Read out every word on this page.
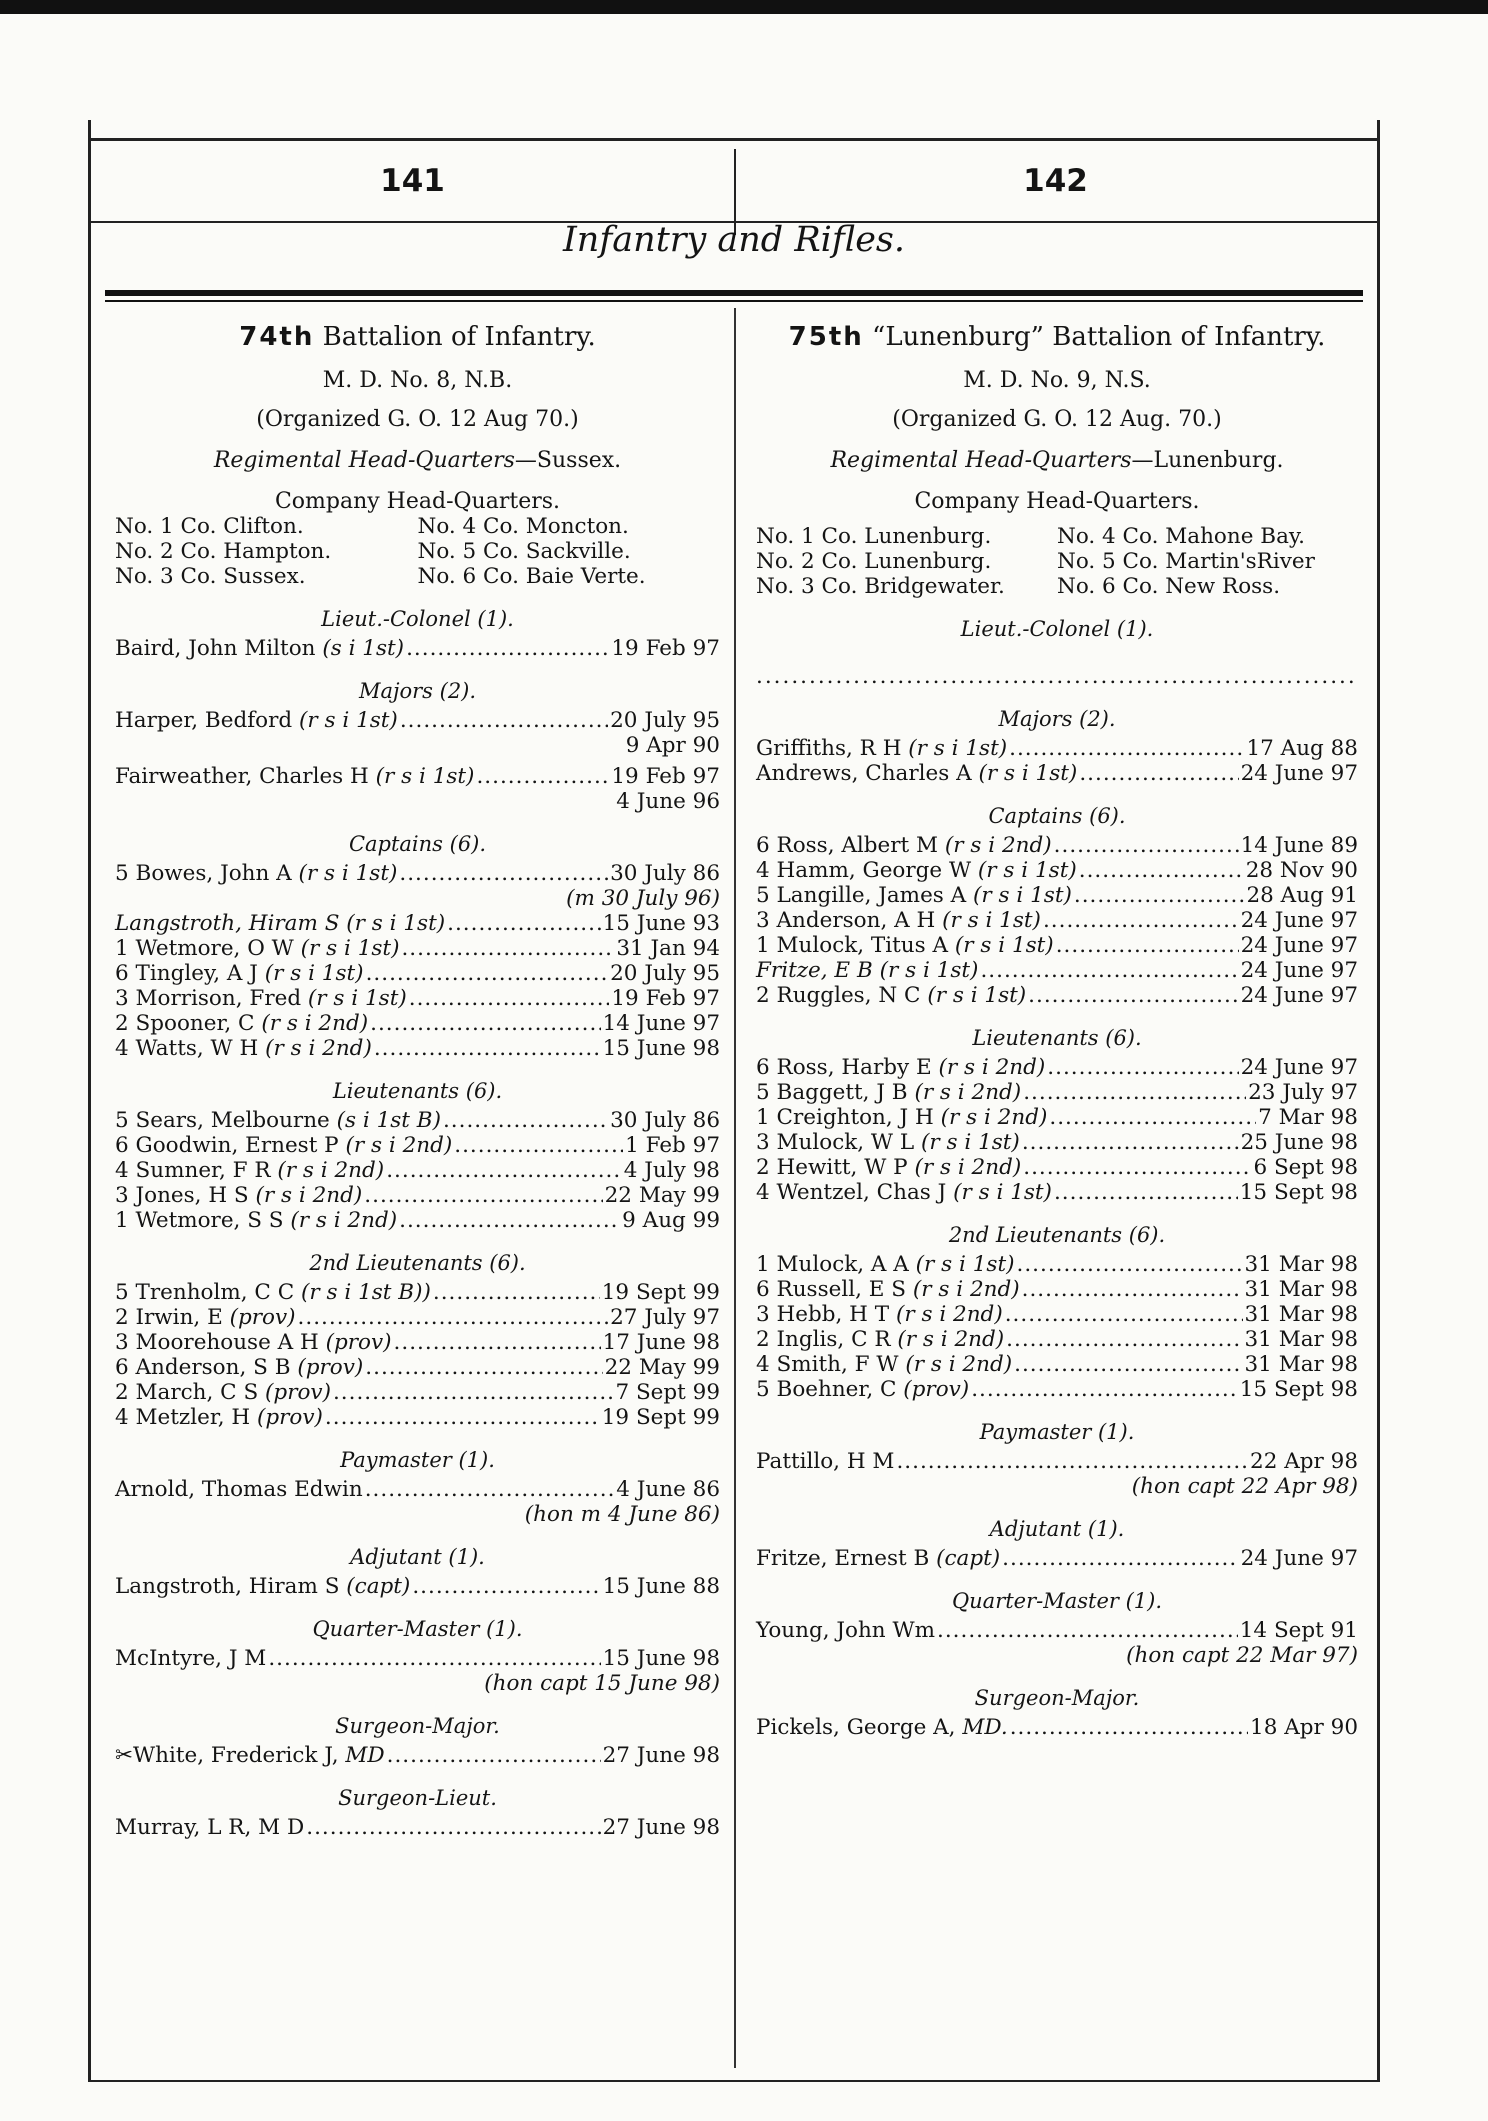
141	142
Infantry and Rifles.
74th Battalion of Infantry.
M. D. No. 8, N.B.
(Organized G. O. 12 Aug 70.)
Regimental Head-Quarters—Sussex.
Company Head-Quarters.
No. 1 Co. Clifton.	No. 4 Co. Moncton.
No. 2 Co. Hampton.	No. 5 Co. Sackville.
No. 3 Co. Sussex.	No. 6 Co. Baie Verte.
Lieut.-Colonel (1).
Baird, John Milton (s i 1st) .....	19 Feb 97
Majors (2).
Harper, Bedford (r s i 1st) .....	20 July 95
9 Apr 90
Fairweather, Charles H (r s i 1st) .....	19 Feb 97
4 June 96
Captains (6).
5 Bowes, John A (r s i 1st) .....	30 July 86
(m 30 July 96)
Langstroth, Hiram S (r s i 1st) .....	15 June 93
1 Wetmore, O W (r s i 1st) .....	31 Jan 94
6 Tingley, A J (r s i 1st) .....	20 July 95
3 Morrison, Fred (r s i 1st) .....	19 Feb 97
2 Spooner, C (r s i 2nd) .....	14 June 97
4 Watts, W H (r s i 2nd) .....	15 June 98
Lieutenants (6).
5 Sears, Melbourne (s i 1st B) .....	30 July 86
6 Goodwin, Ernest P (r s i 2nd) .....	1 Feb 97
4 Sumner, F R (r s i 2nd) .....	4 July 98
3 Jones, H S (r s i 2nd) .....	22 May 99
1 Wetmore, S S (r s i 2nd) .....	9 Aug 99
2nd Lieutenants (6).
5 Trenholm, C C (r s i 1st B)) .....	19 Sept 99
2 Irwin, E (prov) .....	27 July 97
3 Moorehouse A H (prov) .....	17 June 98
6 Anderson, S B (prov) .....	22 May 99
2 March, C S (prov) .....	7 Sept 99
4 Metzler, H (prov) .....	19 Sept 99
Paymaster (1).
Arnold, Thomas Edwin .....	4 June 86
(hon m 4 June 86)
Adjutant (1).
Langstroth, Hiram S (capt) .....	15 June 88
Quarter-Master (1).
McIntyre, J M .....	15 June 98
(hon capt 15 June 98)
Surgeon-Major.
✂White, Frederick J, MD .....	27 June 98
Surgeon-Lieut.
Murray, L R, M D .....	27 June 98
75th “Lunenburg” Battalion of Infantry.
M. D. No. 9, N.S.
(Organized G. O. 12 Aug. 70.)
Regimental Head-Quarters—Lunenburg.
Company Head-Quarters.
No. 1 Co. Lunenburg.	No. 4 Co. Mahone Bay.
No. 2 Co. Lunenburg.	No. 5 Co. Martin'sRiver
No. 3 Co. Bridgewater.	No. 6 Co. New Ross.
Lieut.-Colonel (1).
.....
Majors (2).
Griffiths, R H (r s i 1st) .....	17 Aug 88
Andrews, Charles A (r s i 1st) .....	24 June 97
Captains (6).
6 Ross, Albert M (r s i 2nd) .....	14 June 89
4 Hamm, George W (r s i 1st) .....	28 Nov 90
5 Langille, James A (r s i 1st) .....	28 Aug 91
3 Anderson, A H (r s i 1st) .....	24 June 97
1 Mulock, Titus A (r s i 1st) .....	24 June 97
Fritze, E B (r s i 1st) .....	24 June 97
2 Ruggles, N C (r s i 1st) .....	24 June 97
Lieutenants (6).
6 Ross, Harby E (r s i 2nd) .....	24 June 97
5 Baggett, J B (r s i 2nd) .....	23 July 97
1 Creighton, J H (r s i 2nd) .....	7 Mar 98
3 Mulock, W L (r s i 1st) .....	25 June 98
2 Hewitt, W P (r s i 2nd) .....	6 Sept 98
4 Wentzel, Chas J (r s i 1st) .....	15 Sept 98
2nd Lieutenants (6).
1 Mulock, A A (r s i 1st) .....	31 Mar 98
6 Russell, E S (r s i 2nd) .....	31 Mar 98
3 Hebb, H T (r s i 2nd) .....	31 Mar 98
2 Inglis, C R (r s i 2nd) .....	31 Mar 98
4 Smith, F W (r s i 2nd) .....	31 Mar 98
5 Boehner, C (prov) .....	15 Sept 98
Paymaster (1).
Pattillo, H M .....	22 Apr 98
(hon capt 22 Apr 98)
Adjutant (1).
Fritze, Ernest B (capt) .....	24 June 97
Quarter-Master (1).
Young, John Wm .....	14 Sept 91
(hon capt 22 Mar 97)
Surgeon-Major.
Pickels, George A, MD. .....	18 Apr 90
